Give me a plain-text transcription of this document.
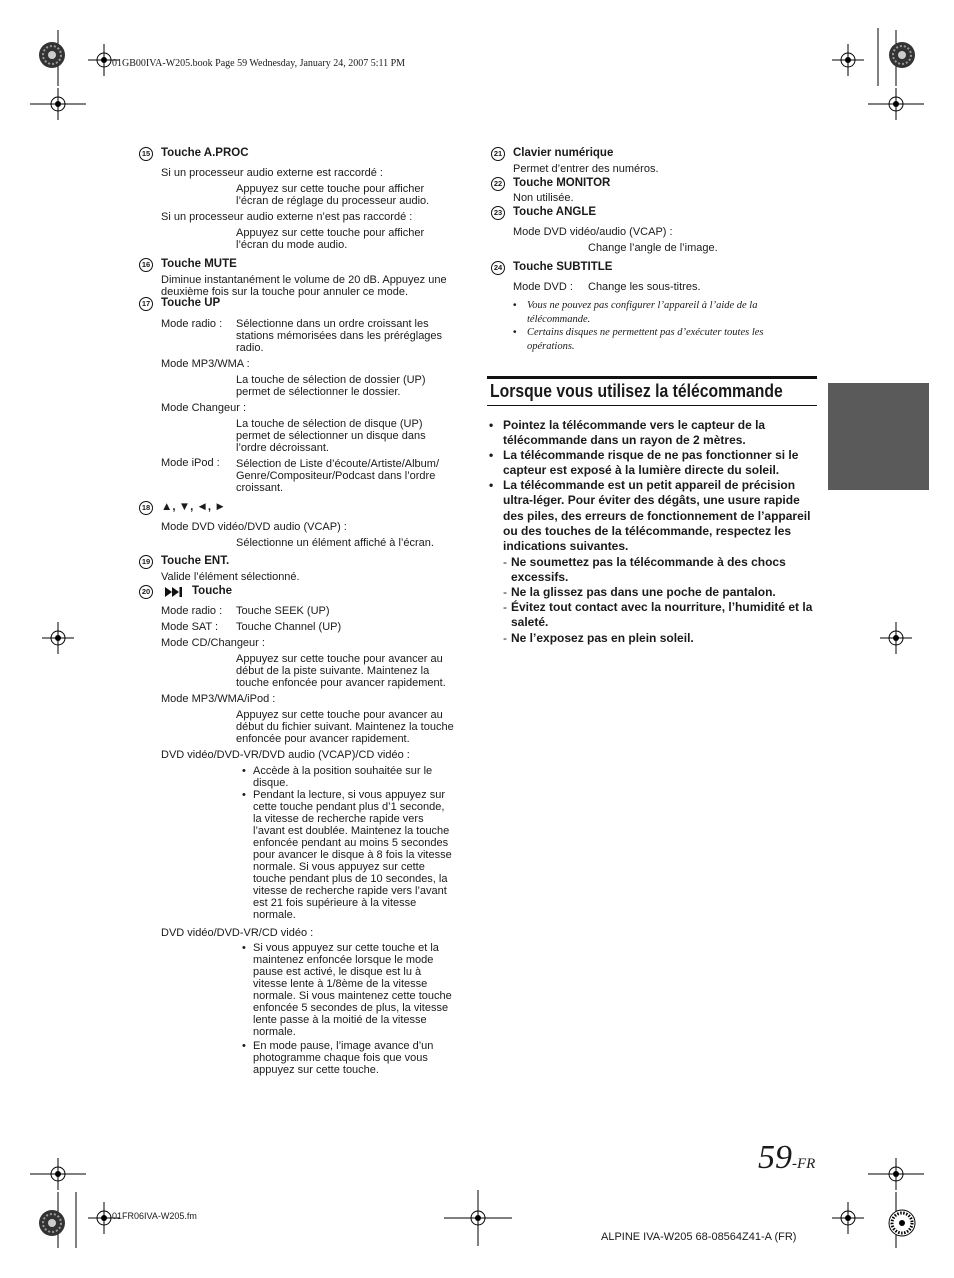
01GB00IVA-W205.book Page 59 Wednesday, January 24, 2007 5:11 PM
15 Touche A.PROC
Si un processeur audio externe est raccordé :
Appuyez sur cette touche pour afficher
l’écran de réglage du processeur audio.
Si un processeur audio externe n’est pas raccordé :
Appuyez sur cette touche pour afficher
l’écran du mode audio.
16 Touche MUTE
Diminue instantanément le volume de 20 dB. Appuyez une
deuxième fois sur la touche pour annuler ce mode.
17 Touche UP
Mode radio : Sélectionne dans un ordre croissant les
stations mémorisées dans les préréglages
radio.
Mode MP3/WMA :
La touche de sélection de dossier (UP)
permet de sélectionner le dossier.
Mode Changeur :
La touche de sélection de disque (UP)
permet de sélectionner un disque dans
l’ordre décroissant.
Mode iPod : Sélection de Liste d’écoute/Artiste/Album/
Genre/Compositeur/Podcast dans l’ordre
croissant.
18 ▲, ▼, ◄, ►
Mode DVD vidéo/DVD audio (VCAP) :
Sélectionne un élément affiché à l’écran.
19 Touche ENT.
Valide l’élément sélectionné.
20	Touche
Mode radio : Touche SEEK (UP)
Mode SAT : Touche Channel (UP)
Mode CD/Changeur :
Appuyez sur cette touche pour avancer au
début de la piste suivante. Maintenez la
touche enfoncée pour avancer rapidement.
Mode MP3/WMA/iPod :
Appuyez sur cette touche pour avancer au
début du fichier suivant. Maintenez la touche
enfoncée pour avancer rapidement.
DVD vidéo/DVD-VR/DVD audio (VCAP)/CD vidéo :
• Accède à la position souhaitée sur le
disque.
• Pendant la lecture, si vous appuyez sur
cette touche pendant plus d’1 seconde,
la vitesse de recherche rapide vers
l’avant est doublée. Maintenez la touche
enfoncée pendant au moins 5 secondes
pour avancer le disque à 8 fois la vitesse
normale. Si vous appuyez sur cette
touche pendant plus de 10 secondes, la
vitesse de recherche rapide vers l’avant
est 21 fois supérieure à la vitesse
normale.
DVD vidéo/DVD-VR/CD vidéo :
• Si vous appuyez sur cette touche et la
maintenez enfoncée lorsque le mode
pause est activé, le disque est lu à
vitesse lente à 1/8ème de la vitesse
normale. Si vous maintenez cette touche
enfoncée 5 secondes de plus, la vitesse
lente passe à la moitié de la vitesse
normale.
• En mode pause, l’image avance d’un
photogramme chaque fois que vous
appuyez sur cette touche.
21 Clavier numérique
Permet d’entrer des numéros.
22 Touche MONITOR
Non utilisée.
23 Touche ANGLE
Mode DVD vidéo/audio (VCAP) :
Change l’angle de l’image.
24 Touche SUBTITLE
Mode DVD : Change les sous-titres.
• Vous ne pouvez pas configurer l’appareil à l’aide de la
télécommande.
• Certains disques ne permettent pas d’exécuter toutes les
opérations.
Lorsque vous utilisez la télécommande
• Pointez la télécommande vers le capteur de la
télécommande dans un rayon de 2 mètres.
• La télécommande risque de ne pas fonctionner si le
capteur est exposé à la lumière directe du soleil.
• La télécommande est un petit appareil de précision
ultra-léger. Pour éviter des dégâts, une usure rapide
des piles, des erreurs de fonctionnement de l’appareil
ou des touches de la télécommande, respectez les
indications suivantes.
- Ne soumettez pas la télécommande à des chocs
excessifs.
- Ne la glissez pas dans une poche de pantalon.
- Évitez tout contact avec la nourriture, l’humidité et la
saleté.
- Ne l’exposez pas en plein soleil.
59-FR
01FR06IVA-W205.fm
ALPINE IVA-W205 68-08564Z41-A (FR)
